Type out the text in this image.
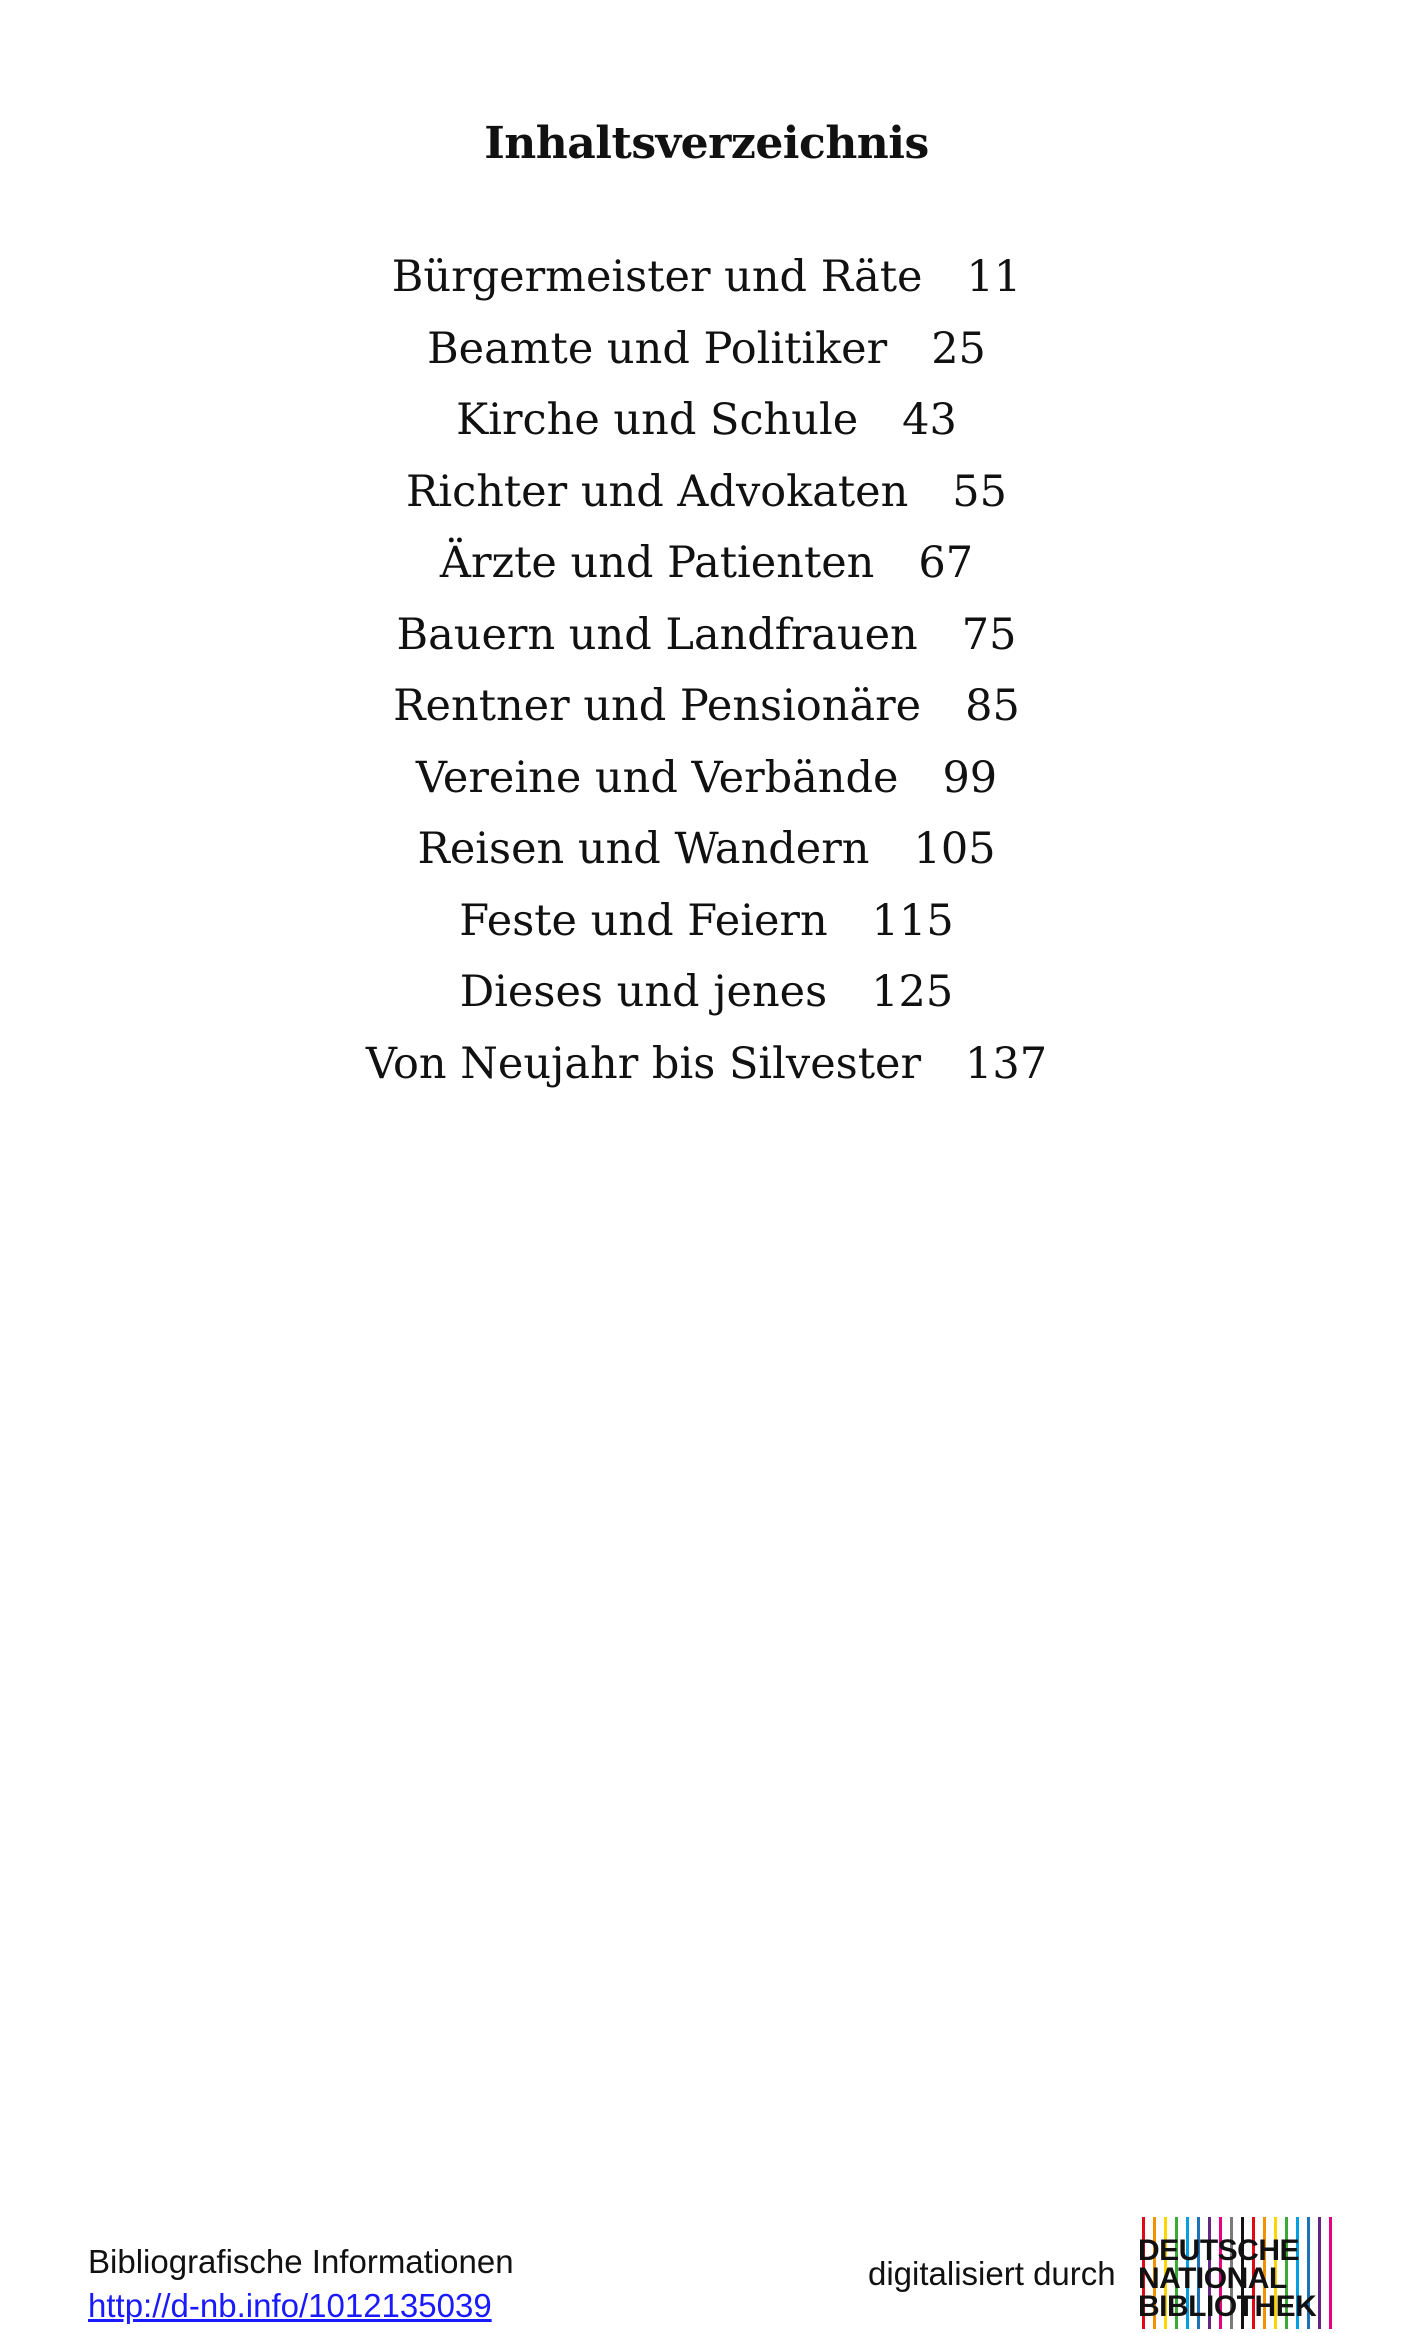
Inhaltsverzeichnis
Bürgermeister und Räte 11
Beamte und Politiker 25
Kirche und Schule 43
Richter und Advokaten 55
Ärzte und Patienten 67
Bauern und Landfrauen 75
Rentner und Pensionäre 85
Vereine und Verbände 99
Reisen und Wandern 105
Feste und Feiern 115
Dieses und jenes 125
Von Neujahr bis Silvester 137
Bibliografische Informationen
http://d-nb.info/1012135039
digitalisiert durch
DEUTSCHE
NATIONAL
BIBLIOTHEK
